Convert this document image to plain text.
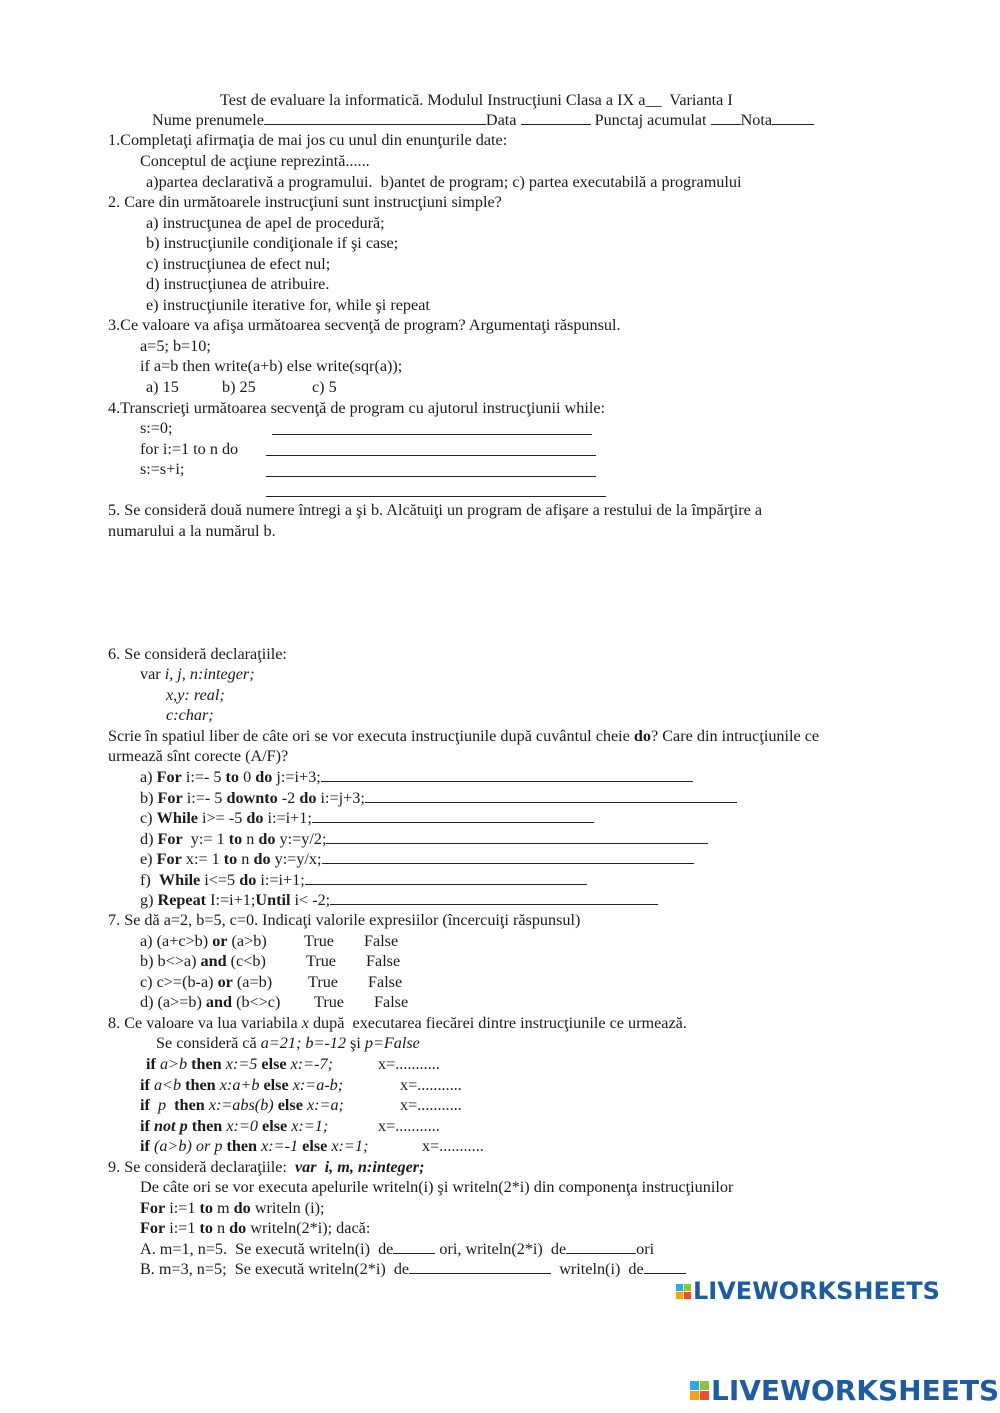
Test de evaluare la informatică. Modulul Instrucţiuni Clasa a IX a__  Varianta I
Nume prenumele	Data	Punctaj acumulat Nota
1.Completaţi afirmaţia de mai jos cu unul din enunţurile date:
Conceptul de acţiune reprezintă......
a)partea declarativă a programului.  b)antet de program; c) partea executabilă a programului
2. Care din următoarele instrucţiuni sunt instrucţiuni simple?
a) instrucţunea de apel de procedură;
b) instrucţiunile condiţionale if şi case;
c) instrucţiunea de efect nul;
d) instrucţiunea de atribuire.
e) instrucţiunile iterative for, while şi repeat
3.Ce valoare va afişa următoarea secvenţă de program? Argumentaţi răspunsul.
a=5; b=10;
if a=b then write(a+b) else write(sqr(a));
a) 15	b) 25	c) 5
4.Transcrieţi următoarea secvenţă de program cu ajutorul instrucţiunii while:
s:=0;
for i:=1 to n do
s:=s+i;
5. Se consideră două numere întregi a şi b. Alcătuiţi un program de afişare a restului de la împărţire a
numarului a la numărul b.
6. Se consideră declaraţiile:
var i, j, n:integer;
x,y: real;
c:char;
Scrie în spatiul liber de câte ori se vor executa instrucţiunile după cuvântul cheie do? Care din intrucţiunile ce
urmează sînt corecte (A/F)?
a) For i:=- 5 to 0 do j:=i+3;
b) For i:=- 5 downto -2 do i:=j+3;
c) While i>= -5 do i:=i+1;
d) For  y:= 1 to n do y:=y/2;
e) For x:= 1 to n do y:=y/x;
f)  While i<=5 do i:=i+1;
g) Repeat I:=i+1;Until i< -2;
7. Se dă a=2, b=5, c=0. Indicaţi valorile expresiilor (încercuiţi răspunsul)
a) (a+c>b) or (a>b) True False
b) b<>a) and (c<b) True False
c) c>=(b-a) or (a=b) True False
d) (a>=b) and (b<>c) True False
8. Ce valoare va lua variabila x după  executarea fiecărei dintre instrucţiunile ce urmează.
Se consideră că a=21; b=-12 şi p=False
if a>b then x:=5 else x:=-7;	x=...........
if a<b then x:a+b else x:=a-b;	x=...........
if  p  then x:=abs(b) else x:=a;	x=...........
if not p then x:=0 else x:=1;	x=...........
if (a>b) or p then x:=-1 else x:=1;	x=...........
9. Se consideră declaraţiile:  var  i, m, n:integer;
De câte ori se vor executa apelurile writeln(i) şi writeln(2*i) din componenţa instrucţiunilor
For i:=1 to m do writeln (i);
For i:=1 to n do writeln(2*i); dacă:
A. m=1, n=5.  Se execută writeln(i)  de	ori, writeln(2*i)  de	ori
B. m=3, n=5;  Se execută writeln(2*i)  de	writeln(i)  de
LIVEWORKSHEETS
LIVEWORKSHEETS
